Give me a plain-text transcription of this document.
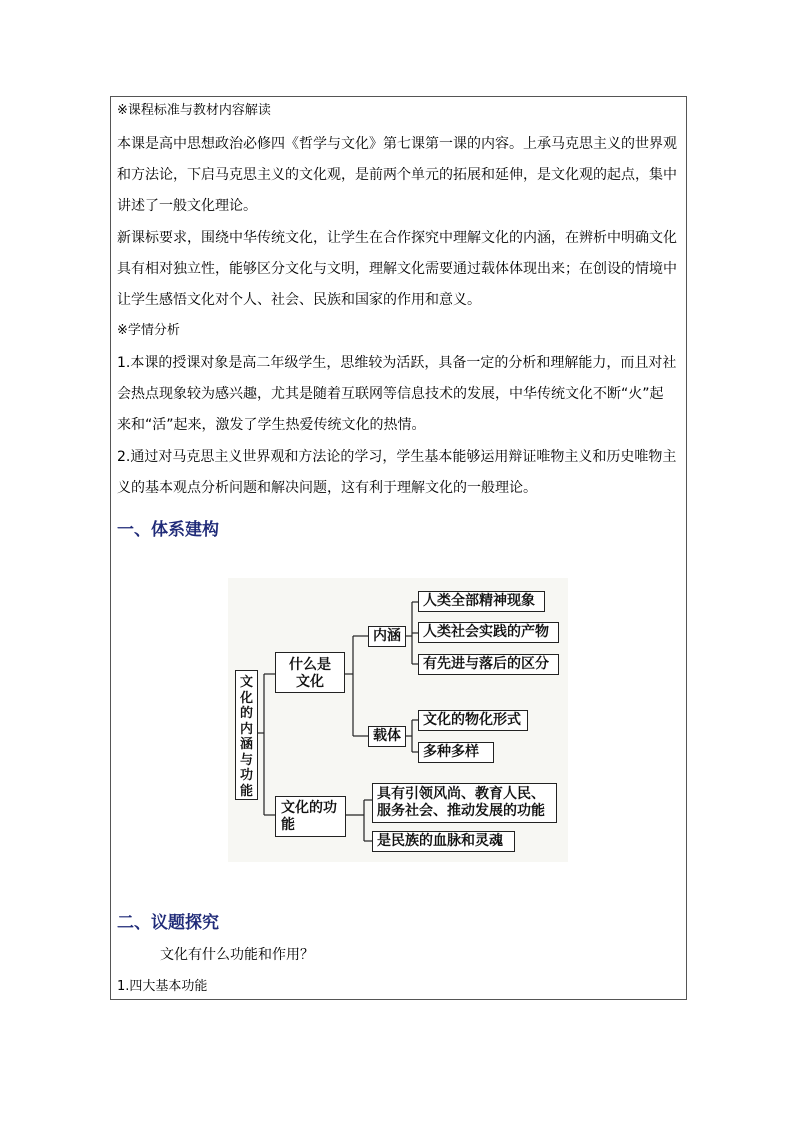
※课程标准与教材内容解读
本课是高中思想政治必修四《哲学与文化》第七课第一课的内容。上承马克思主义的世界观
和方法论，下启马克思主义的文化观，是前两个单元的拓展和延伸，是文化观的起点，集中
讲述了一般文化理论。
新课标要求，围绕中华传统文化，让学生在合作探究中理解文化的内涵，在辨析中明确文化
具有相对独立性，能够区分文化与文明，理解文化需要通过载体体现出来；在创设的情境中
让学生感悟文化对个人、社会、民族和国家的作用和意义。
※学情分析
1.本课的授课对象是高二年级学生，思维较为活跃，具备一定的分析和理解能力，而且对社
会热点现象较为感兴趣，尤其是随着互联网等信息技术的发展，中华传统文化不断“火”起
来和“活”起来，激发了学生热爱传统文化的热情。
2.通过对马克思主义世界观和方法论的学习，学生基本能够运用辩证唯物主义和历史唯物主
义的基本观点分析问题和解决问题，这有利于理解文化的一般理论。
一、体系建构
文化的内涵与功能
什么是文化
内涵
人类全部精神现象
人类社会实践的产物
有先进与落后的区分
载体
文化的物化形式
多种多样
文化的功能
具有引领风尚、教育人民、服务社会、推动发展的功能
是民族的血脉和灵魂
二、议题探究
文化有什么功能和作用？
1.四大基本功能
